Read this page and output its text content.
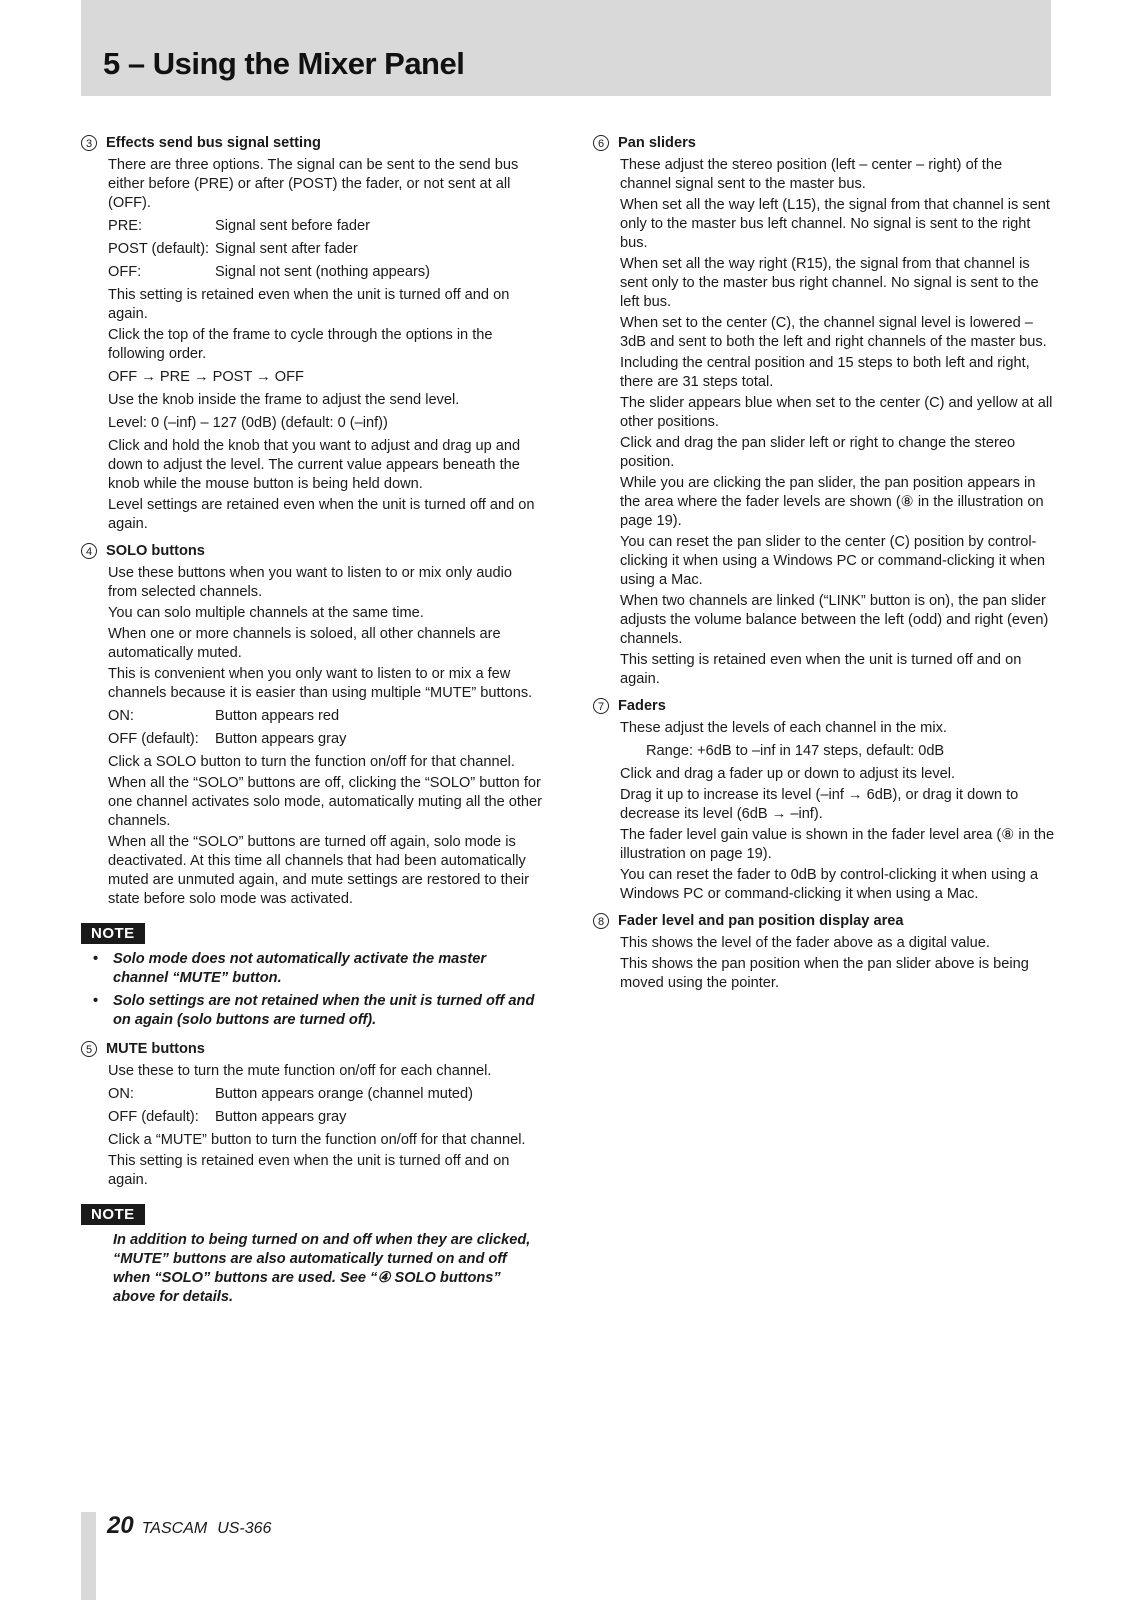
5 – Using the Mixer Panel
3 Effects send bus signal setting

There are three options. The signal can be sent to the send bus either before (PRE) or after (POST) the fader, or not sent at all (OFF).

PRE:	Signal sent before fader
POST (default): Signal sent after fader
OFF:	Signal not sent (nothing appears)

This setting is retained even when the unit is turned off and on again.

Click the top of the frame to cycle through the options in the following order.

OFF → PRE → POST → OFF

Use the knob inside the frame to adjust the send level.

Level: 0 (–inf) – 127 (0dB) (default: 0 (–inf))

Click and hold the knob that you want to adjust and drag up and down to adjust the level. The current value appears beneath the knob while the mouse button is being held down.

Level settings are retained even when the unit is turned off and on again.

4 SOLO buttons

Use these buttons when you want to listen to or mix only audio from selected channels.

You can solo multiple channels at the same time.

When one or more channels is soloed, all other channels are automatically muted.

This is convenient when you only want to listen to or mix a few channels because it is easier than using multiple “MUTE” buttons.

ON:	Button appears red
OFF (default):	Button appears gray

Click a SOLO button to turn the function on/off for that channel.

When all the “SOLO” buttons are off, clicking the “SOLO” button for one channel activates solo mode, automatically muting all the other channels.

When all the “SOLO” buttons are turned off again, solo mode is deactivated. At this time all channels that had been automatically muted are unmuted again, and mute settings are restored to their state before solo mode was activated.

NOTE
• Solo mode does not automatically activate the master channel “MUTE” button.
• Solo settings are not retained when the unit is turned off and on again (solo buttons are turned off).
5 MUTE buttons

Use these to turn the mute function on/off for each channel.

ON:	Button appears orange (channel muted)
OFF (default):	Button appears gray

Click a “MUTE” button to turn the function on/off for that channel.

This setting is retained even when the unit is turned off and on again.

NOTE
In addition to being turned on and off when they are clicked, “MUTE” buttons are also automatically turned on and off when “SOLO” buttons are used. See “④ SOLO buttons” above for details.
6 Pan sliders

These adjust the stereo position (left – center – right) of the channel signal sent to the master bus.

When set all the way left (L15), the signal from that channel is sent only to the master bus left channel. No signal is sent to the right bus.

When set all the way right (R15), the signal from that channel is sent only to the master bus right channel. No signal is sent to the left bus.

When set to the center (C), the channel signal level is lowered –3dB and sent to both the left and right channels of the master bus.

Including the central position and 15 steps to both left and right, there are 31 steps total.

The slider appears blue when set to the center (C) and yellow at all other positions.

Click and drag the pan slider left or right to change the stereo position.

While you are clicking the pan slider, the pan position appears in the area where the fader levels are shown (⑧ in the illustration on page 19).

You can reset the pan slider to the center (C) position by control-clicking it when using a Windows PC or command-clicking it when using a Mac.

When two channels are linked (“LINK” button is on), the pan slider adjusts the volume balance between the left (odd) and right (even) channels.

This setting is retained even when the unit is turned off and on again.

7 Faders

These adjust the levels of each channel in the mix.

Range: +6dB to –inf in 147 steps, default: 0dB

Click and drag a fader up or down to adjust its level.

Drag it up to increase its level (–inf → 6dB), or drag it down to decrease its level (6dB → –inf).

The fader level gain value is shown in the fader level area (⑧ in the illustration on page 19).

You can reset the fader to 0dB by control-clicking it when using a Windows PC or command-clicking it when using a Mac.

8 Fader level and pan position display area

This shows the level of the fader above as a digital value.

This shows the pan position when the pan slider above is being moved using the pointer.

20 TASCAM US-366
